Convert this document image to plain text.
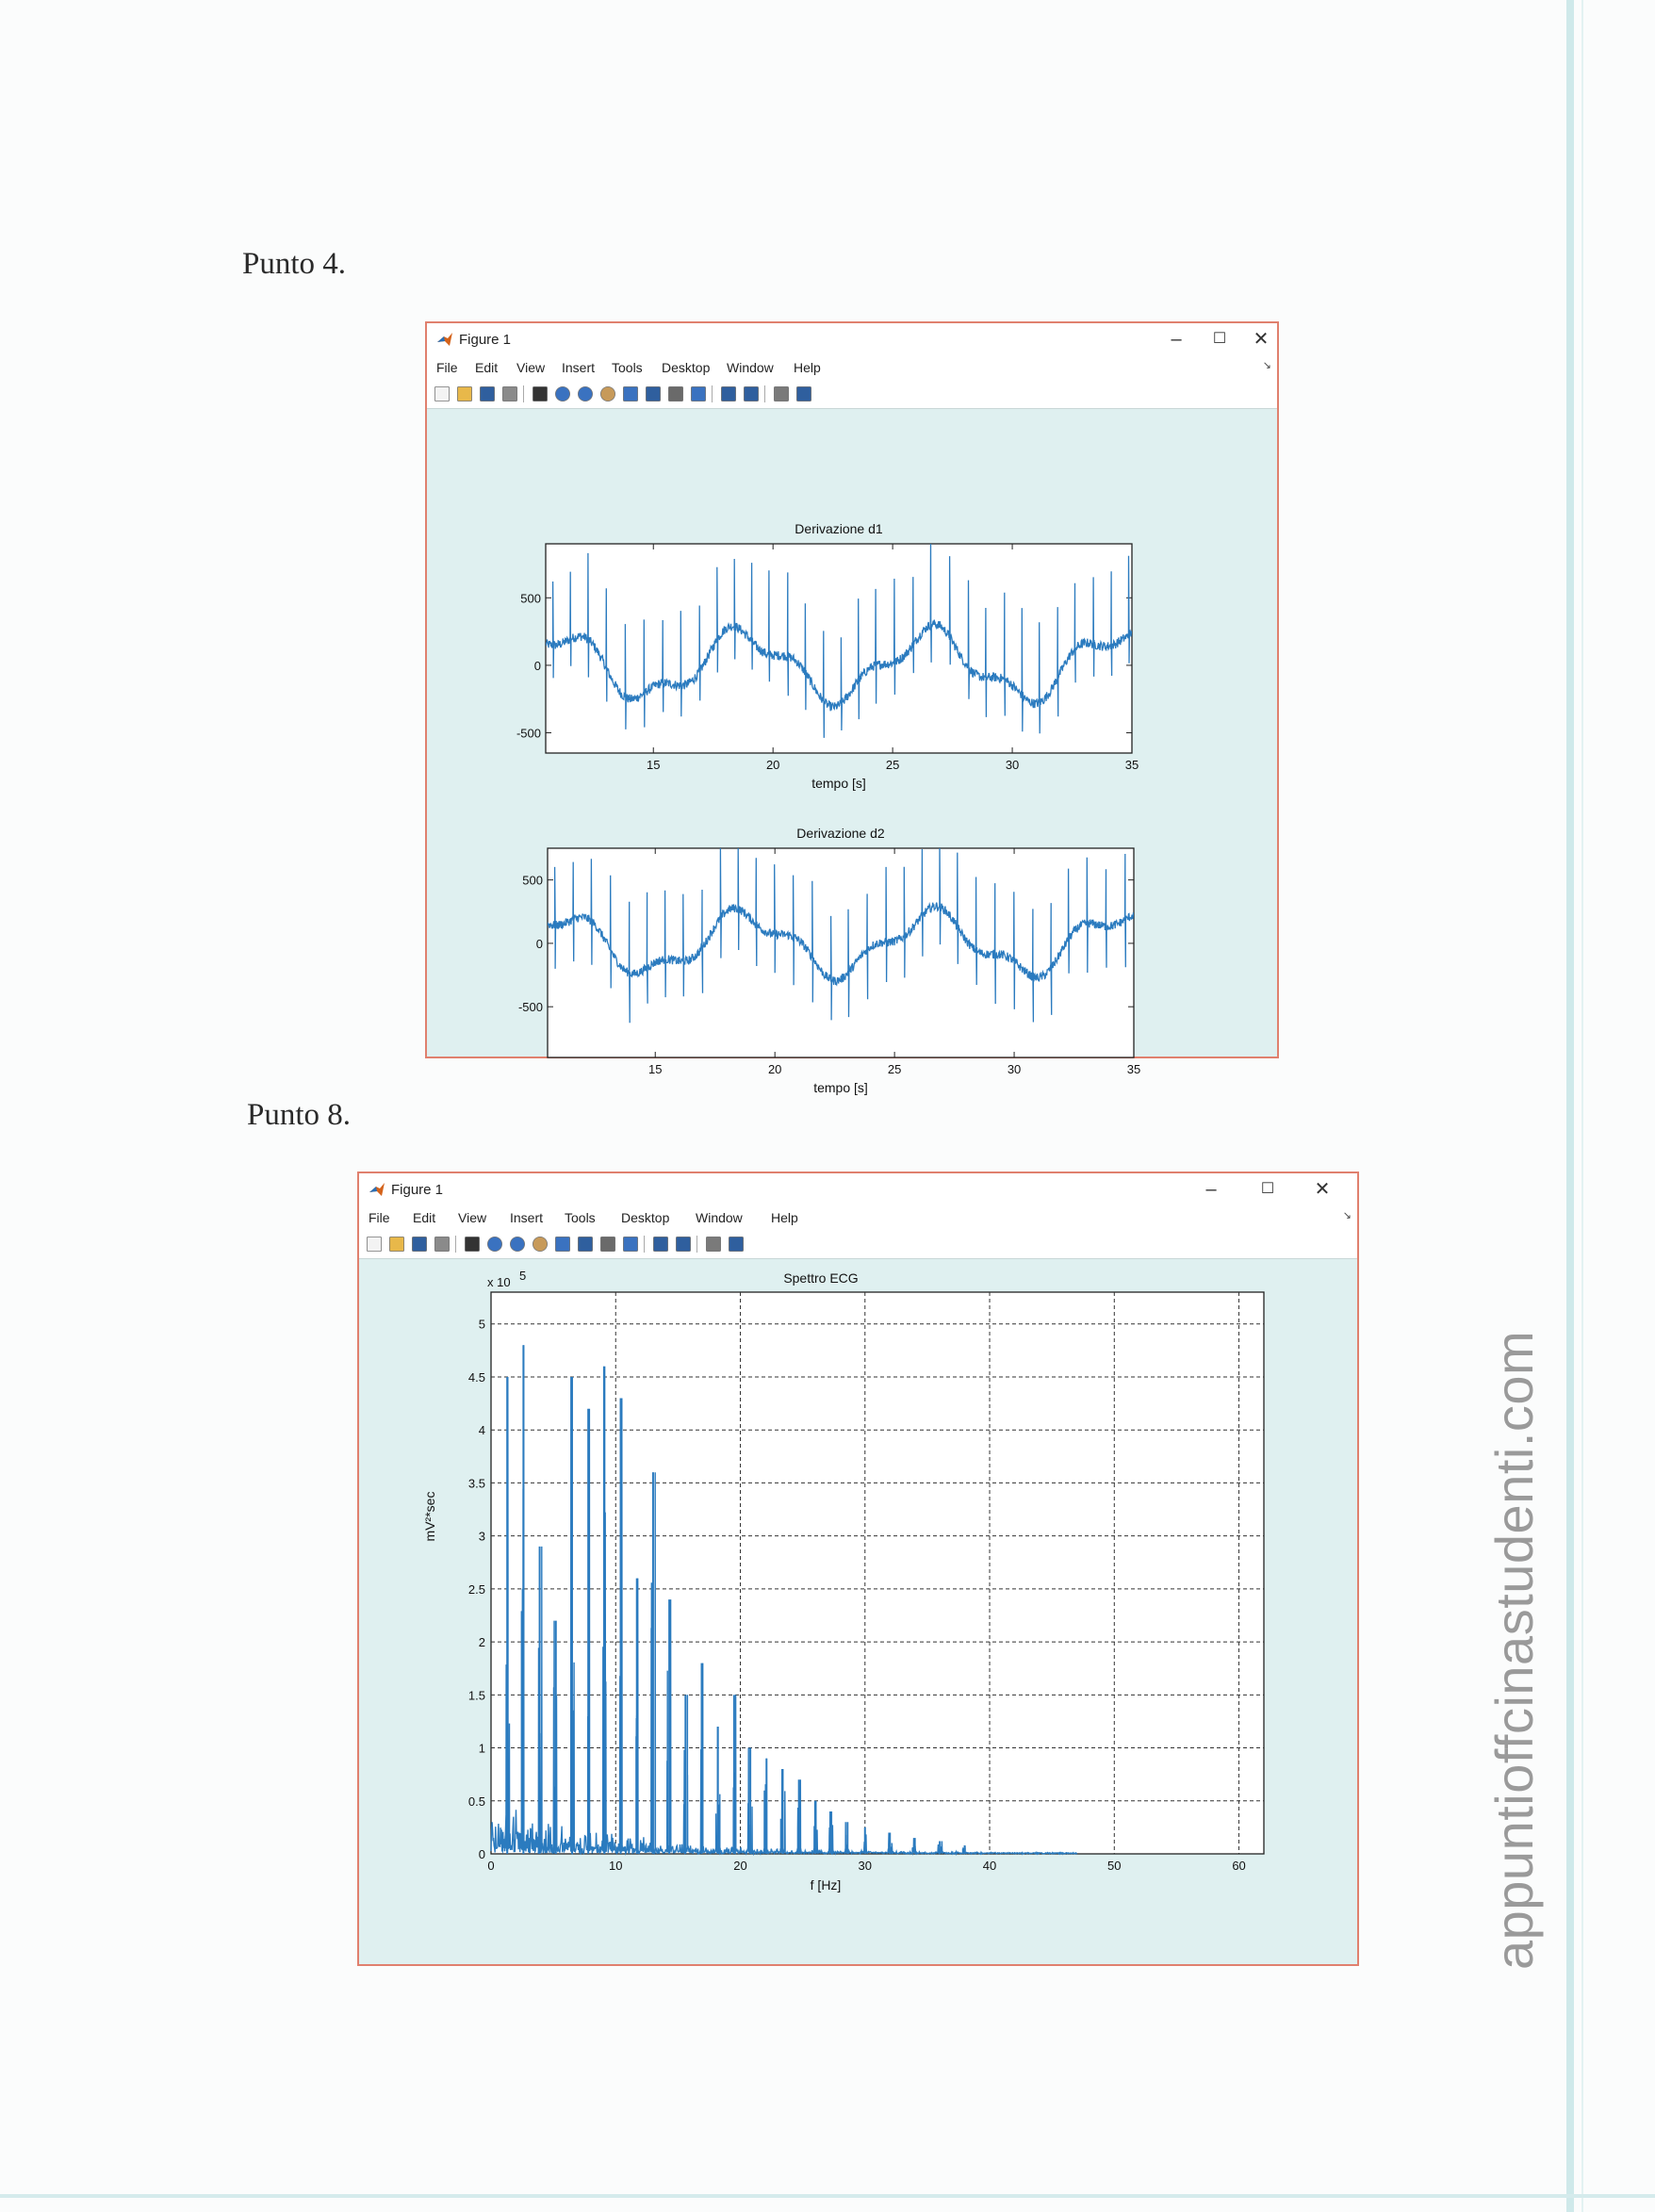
Punto 4.
Punto 8.
appuntioffcinastudenti.com
Figure 1	–	☐	✕
File Edit View Insert Tools Desktop Window Help	↘
15	20	25	30	35
-500
0
500
Derivazione d1
tempo [s]
15	20	25	30	35
-500
0
500
Derivazione d2
tempo [s]
Figure 1	–	☐	✕
File Edit View Insert Tools Desktop Window Help	↘
0	10	20	30	40	50	60
0
0.5
1
1.5
2
2.5
3
3.5
4
4.5
5
Spettro ECG
f [Hz]
x 10 5
mV²*sec
